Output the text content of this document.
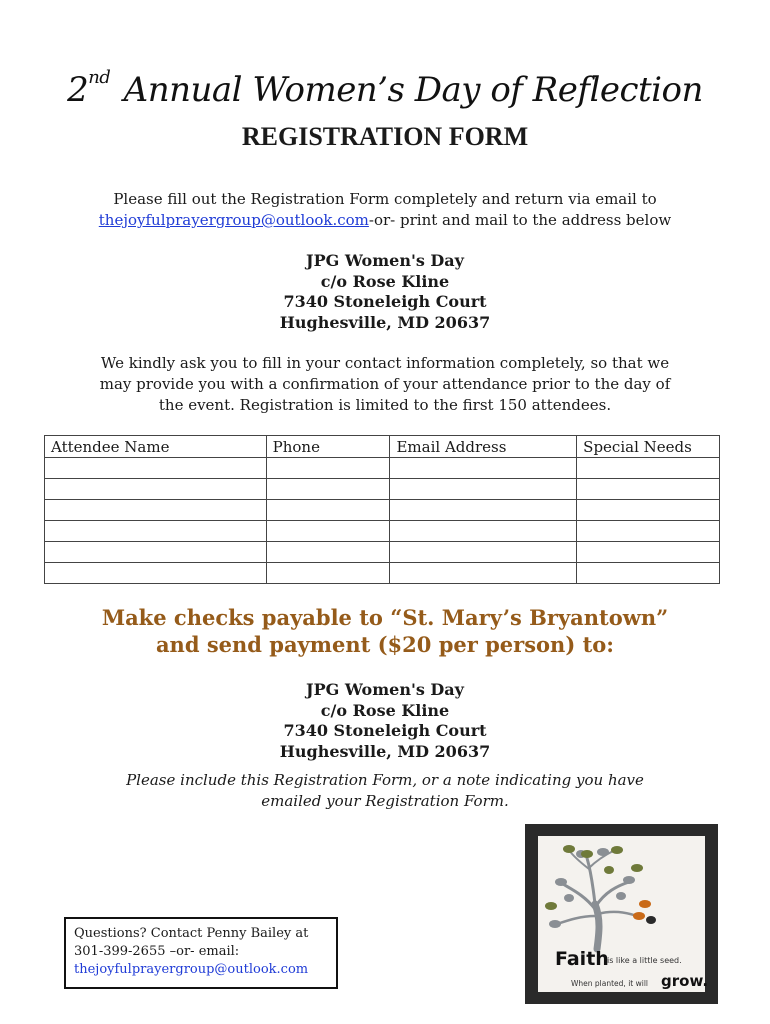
2nd Annual Women’s Day of Reflection
REGISTRATION FORM
Please fill out the Registration Form completely and return via email to
thejoyfulprayergroup@outlook.com-or- print and mail to the address below
JPG Women's Day
c/o Rose Kline
7340 Stoneleigh Court
Hughesville, MD 20637
We kindly ask you to fill in your contact information completely, so that we
may provide you with a confirmation of your attendance prior to the day of
the event. Registration is limited to the first 150 attendees.
Attendee Name	Phone	Email Address	Special Needs

Make checks payable to “St. Mary’s Bryantown”
and send payment ($20 per person) to:
JPG Women's Day
c/o Rose Kline
7340 Stoneleigh Court
Hughesville, MD 20637
Please include this Registration Form, or a note indicating you have
emailed your Registration Form.
Questions? Contact Penny Bailey at
301-399-2655 –or- email:
thejoyfulprayergroup@outlook.com	Faith
is like a little seed.
When planted, it will grow.
